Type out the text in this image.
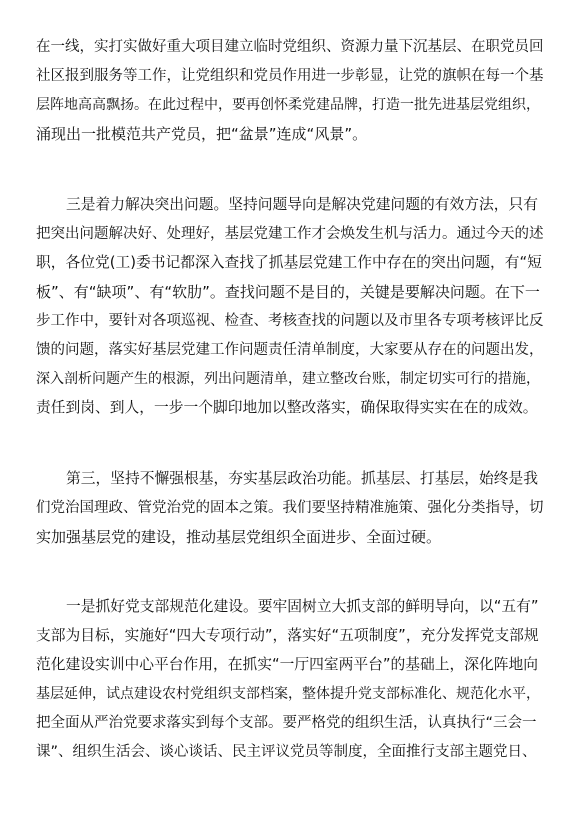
在一线，实打实做好重大项目建立临时党组织、资源力量下沉基层、在职党员回
社区报到服务等工作，让党组织和党员作用进一步彰显，让党的旗帜在每一个基
层阵地高高飘扬。在此过程中，要再创怀柔党建品牌，打造一批先进基层党组织，
涌现出一批模范共产党员，把“盆景”连成“风景”。
三是着力解决突出问题。坚持问题导向是解决党建问题的有效方法，只有
把突出问题解决好、处理好，基层党建工作才会焕发生机与活力。通过今天的述
职，各位党(工)委书记都深入查找了抓基层党建工作中存在的突出问题，有“短
板”、有“缺项”、有“软肋”。查找问题不是目的，关键是要解决问题。在下一
步工作中，要针对各项巡视、检查、考核查找的问题以及市里各专项考核评比反
馈的问题，落实好基层党建工作问题责任清单制度，大家要从存在的问题出发，
深入剖析问题产生的根源，列出问题清单，建立整改台账，制定切实可行的措施，
责任到岗、到人，一步一个脚印地加以整改落实，确保取得实实在在的成效。
第三，坚持不懈强根基，夯实基层政治功能。抓基层、打基层，始终是我
们党治国理政、管党治党的固本之策。我们要坚持精准施策、强化分类指导，切
实加强基层党的建设，推动基层党组织全面进步、全面过硬。
一是抓好党支部规范化建设。要牢固树立大抓支部的鲜明导向，以“五有”
支部为目标，实施好“四大专项行动”，落实好“五项制度”，充分发挥党支部规
范化建设实训中心平台作用，在抓实“一厅四室两平台”的基础上，深化阵地向
基层延伸，试点建设农村党组织支部档案，整体提升党支部标准化、规范化水平，
把全面从严治党要求落实到每个支部。要严格党的组织生活，认真执行“三会一
课”、组织生活会、谈心谈话、民主评议党员等制度，全面推行支部主题党日、
